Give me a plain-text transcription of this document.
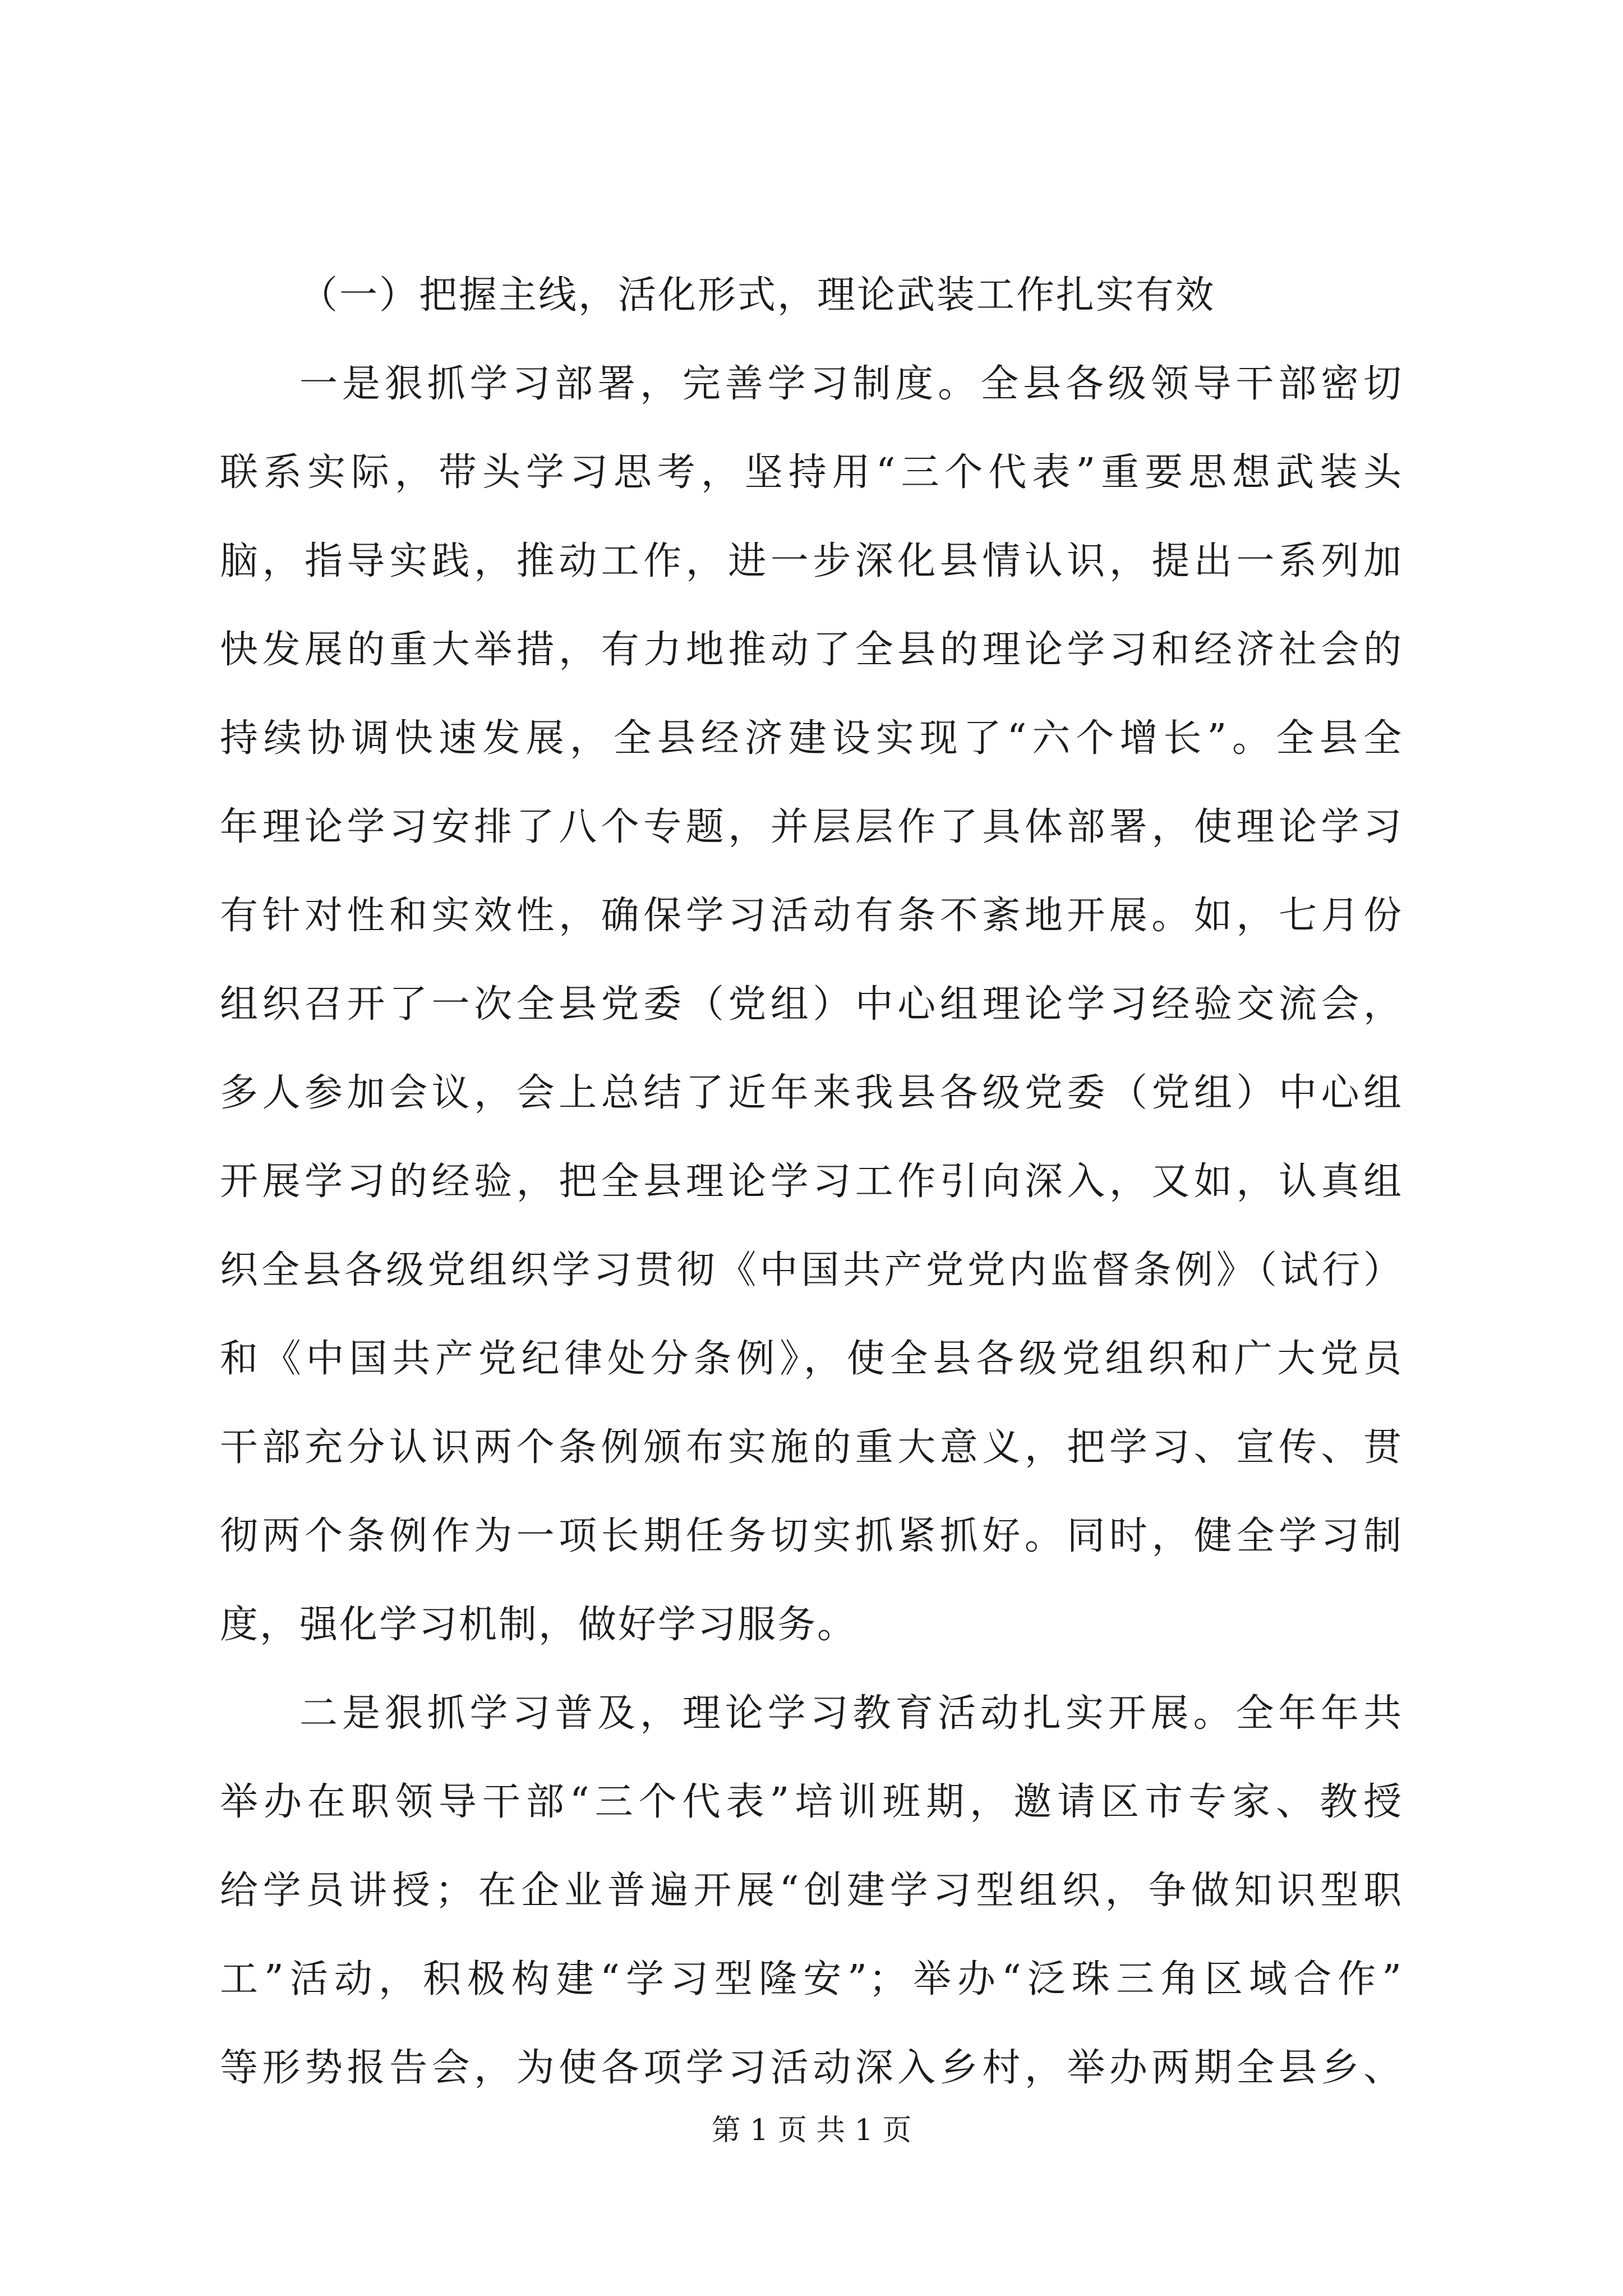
（一）把握主线，活化形式，理论武装工作扎实有效
一是狠抓学习部署，完善学习制度。全县各级领导干部密切
联系实际，带头学习思考，坚持用“三个代表”重要思想武装头
脑，指导实践，推动工作，进一步深化县情认识，提出一系列加
快发展的重大举措，有力地推动了全县的理论学习和经济社会的
持续协调快速发展，全县经济建设实现了“六个增长”。全县全
年理论学习安排了八个专题，并层层作了具体部署，使理论学习
有针对性和实效性，确保学习活动有条不紊地开展。如，七月份
组织召开了一次全县党委（党组）中心组理论学习经验交流会，
多人参加会议，会上总结了近年来我县各级党委（党组）中心组
开展学习的经验，把全县理论学习工作引向深入，又如，认真组
织全县各级党组织学习贯彻《中国共产党党内监督条例》（试行）
和《中国共产党纪律处分条例》，使全县各级党组织和广大党员
干部充分认识两个条例颁布实施的重大意义，把学习、宣传、贯
彻两个条例作为一项长期任务切实抓紧抓好。同时，健全学习制
度，强化学习机制，做好学习服务。
二是狠抓学习普及，理论学习教育活动扎实开展。全年年共
举办在职领导干部“三个代表”培训班期，邀请区市专家、教授
给学员讲授；在企业普遍开展“创建学习型组织，争做知识型职
工”活动，积极构建“学习型隆安”；举办“泛珠三角区域合作”
等形势报告会，为使各项学习活动深入乡村，举办两期全县乡、
第 1 页 共 1 页
